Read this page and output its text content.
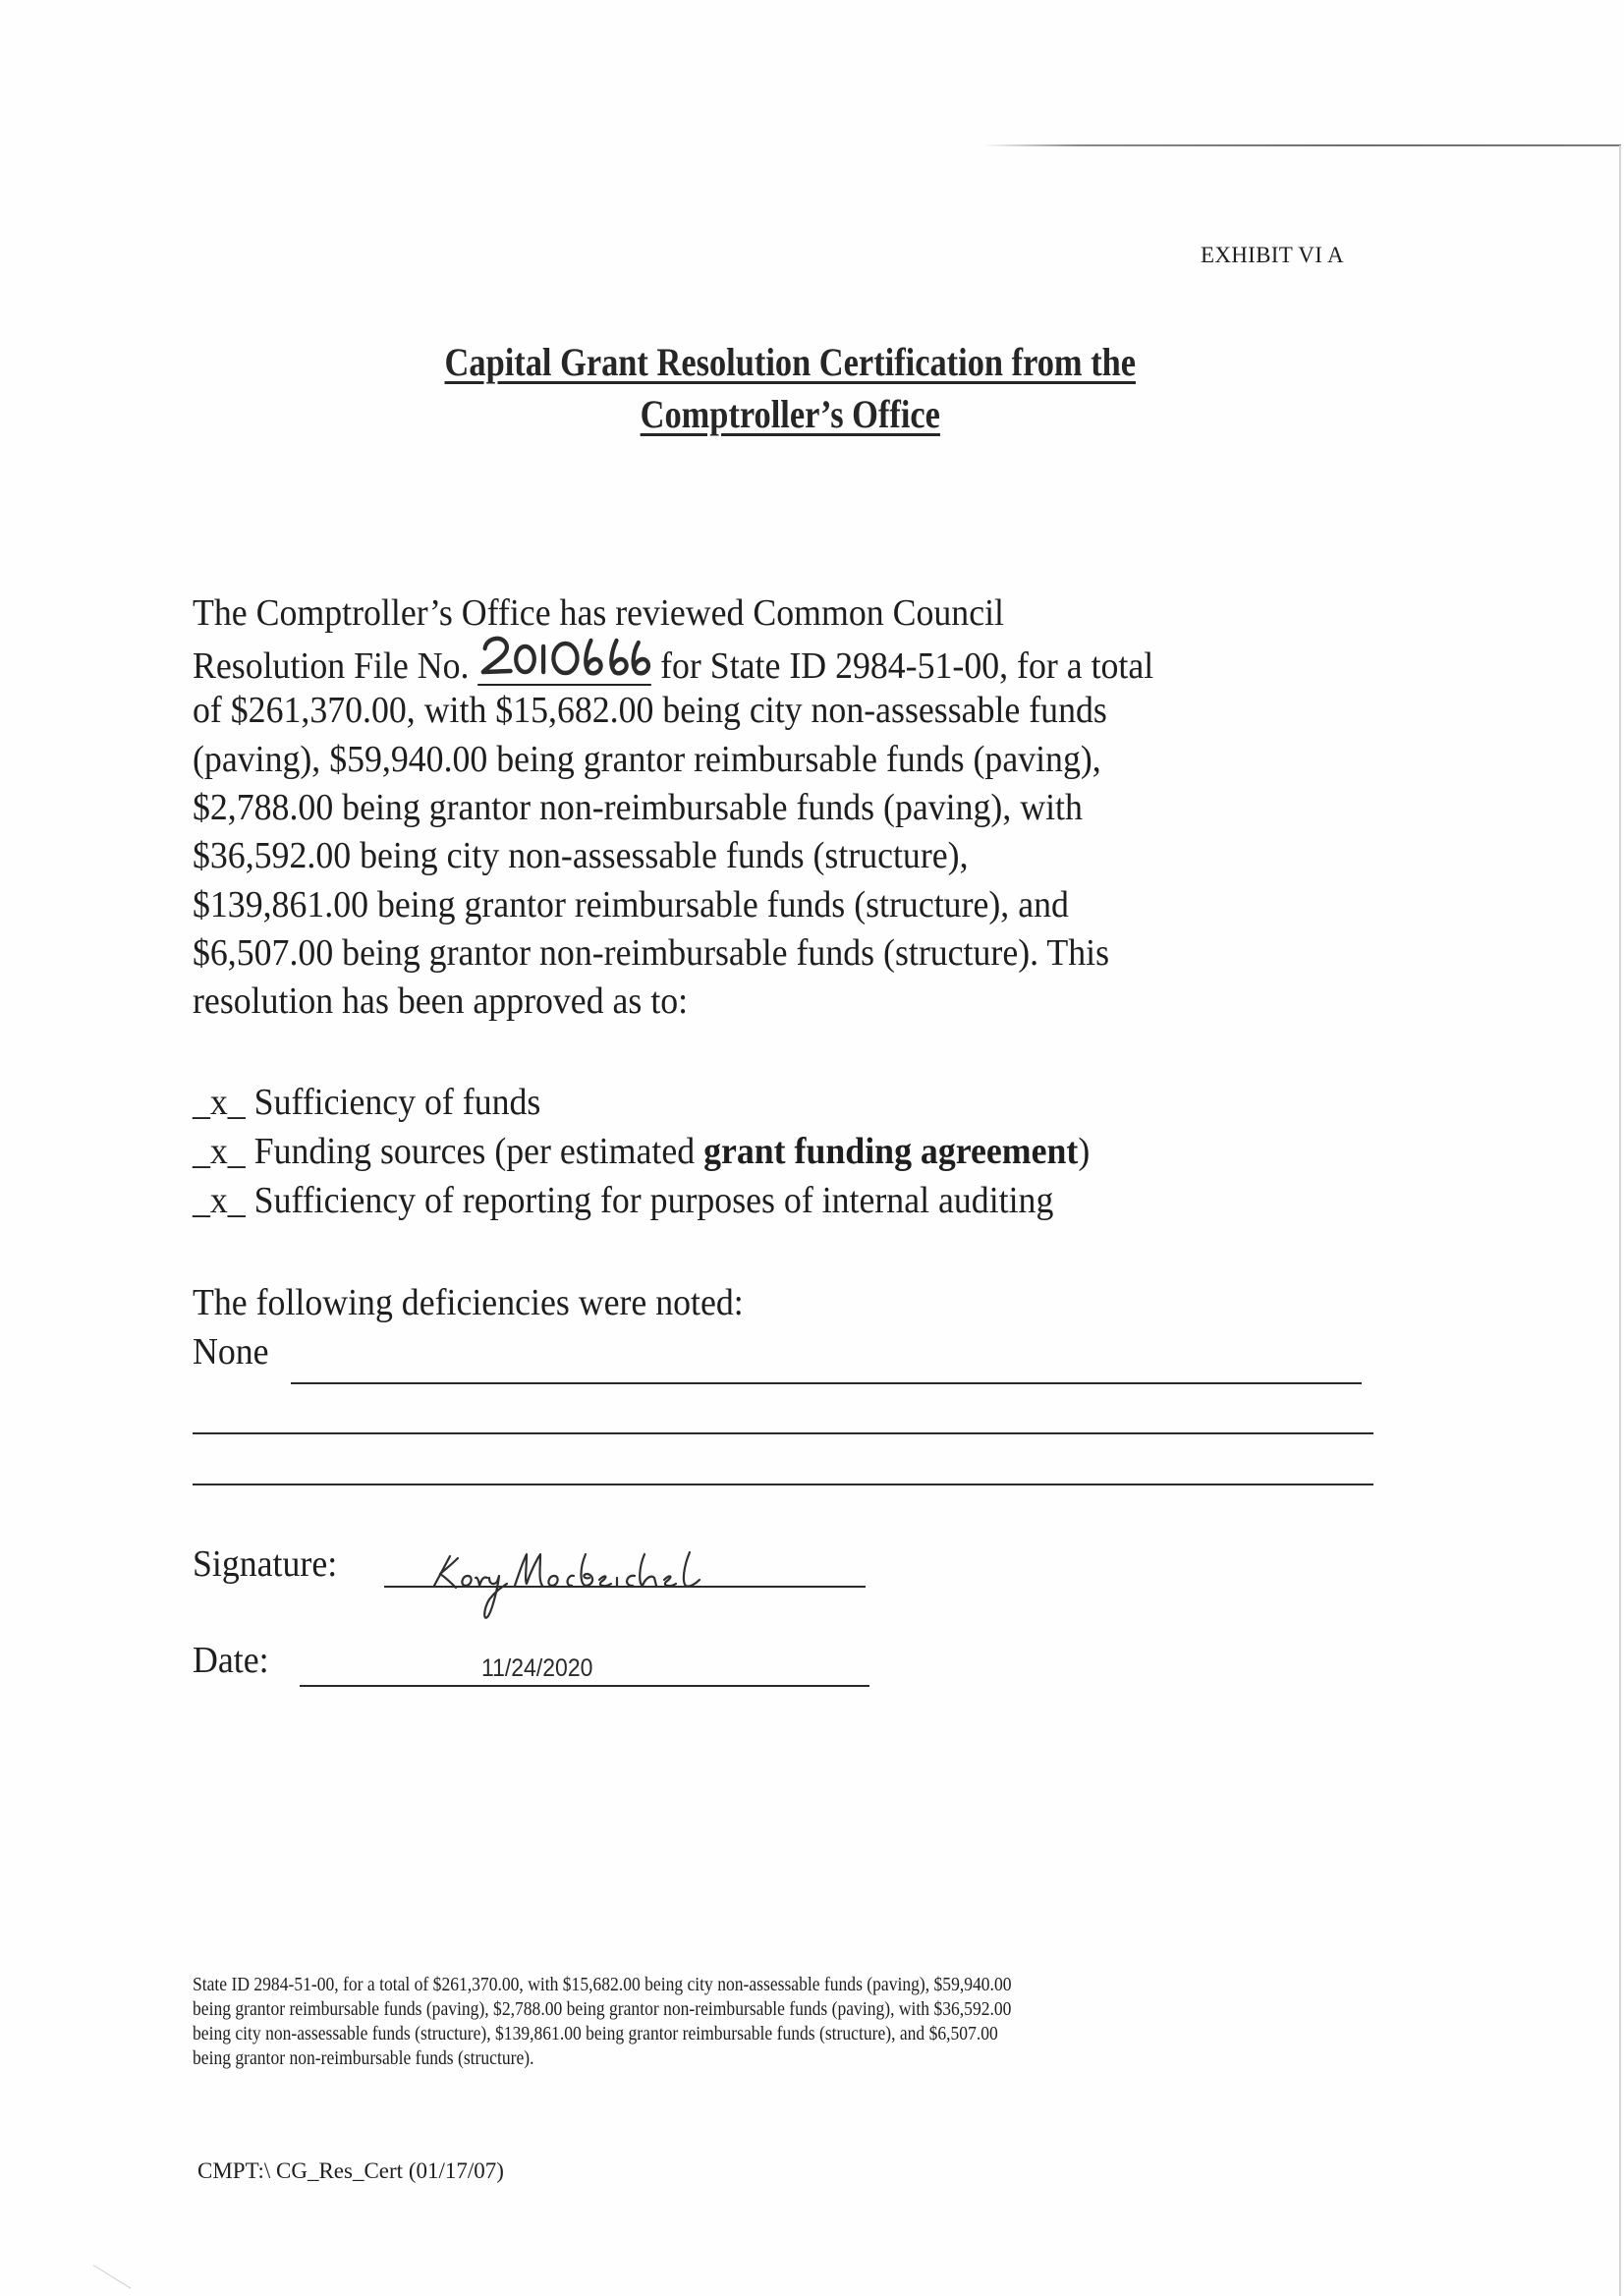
EXHIBIT VI A
Capital Grant Resolution Certification from the
Comptroller’s Office
The Comptroller’s Office has reviewed Common Council
Resolution File No.	for State ID 2984-51-00, for a total
of $261,370.00, with $15,682.00 being city non-assessable funds
(paving), $59,940.00 being grantor reimbursable funds (paving),
$2,788.00 being grantor non-reimbursable funds (paving), with
$36,592.00 being city non-assessable funds (structure),
$139,861.00 being grantor reimbursable funds (structure), and
$6,507.00 being grantor non-reimbursable funds (structure). This
resolution has been approved as to:
_x_ Sufficiency of funds
_x_ Funding sources (per estimated grant funding agreement)
_x_ Sufficiency of reporting for purposes of internal auditing
The following deficiencies were noted:
None
Signature:
Date:	11/24/2020
State ID 2984-51-00, for a total of $261,370.00, with $15,682.00 being city non-assessable funds (paving), $59,940.00
being grantor reimbursable funds (paving), $2,788.00 being grantor non-reimbursable funds (paving), with $36,592.00
being city non-assessable funds (structure), $139,861.00 being grantor reimbursable funds (structure), and $6,507.00
being grantor non-reimbursable funds (structure).
CMPT:\ CG_Res_Cert (01/17/07)
